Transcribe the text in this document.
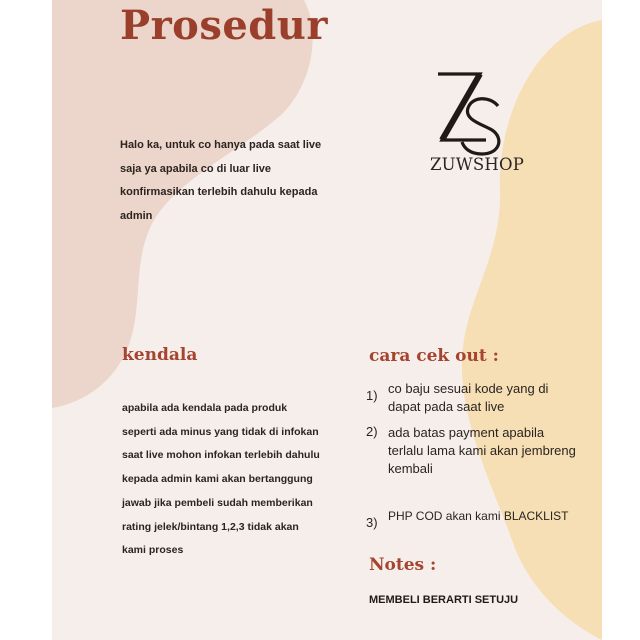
Prosedur
Halo ka, untuk co hanya pada saat live saja ya apabila co di luar live konfirmasikan terlebih dahulu kepada admin
ZUWSHOP
kendala
apabila ada kendala pada produk seperti ada minus yang tidak di infokan saat live mohon infokan terlebih dahulu kepada admin kami akan bertanggung jawab jika pembeli sudah memberikan rating jelek/bintang 1,2,3 tidak akan kami proses
cara cek out :
1) co baju sesuai kode yang di dapat pada saat live
2) ada batas payment apabila terlalu lama kami akan jembreng kembali
3) PHP COD akan kami BLACKLIST
Notes :
MEMBELI BERARTI SETUJU
